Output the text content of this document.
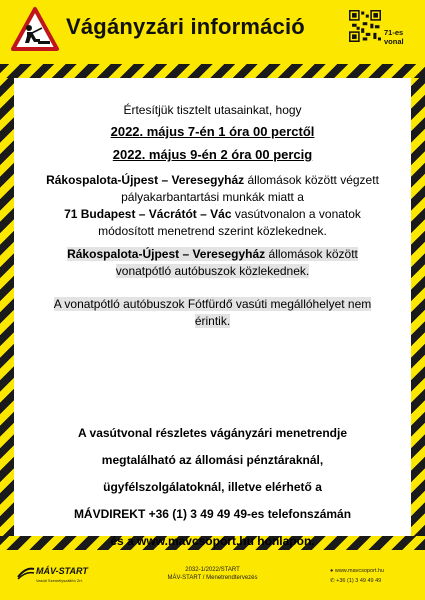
Vágányzári információ	71-es
vonal
Értesítjük tisztelt utasainkat, hogy
2022. május 7-én 1 óra 00 perctől
2022. május 9-én 2 óra 00 percig
Rákospalota-Újpest – Veresegyház állomások között végzett
pályakarbantartási munkák miatt a
71 Budapest – Vácrátót – Vác vasútvonalon a vonatok
módosított menetrend szerint közlekednek.
Rákospalota-Újpest – Veresegyház állomások között
vonatpótló autóbuszok közlekednek.
A vonatpótló autóbuszok Fótfürdő vasúti megállóhelyet nem
érintik.
A vasútvonal részletes vágányzári menetrendje
megtalálható az állomási pénztáraknál,
ügyfélszolgálatoknál, illetve elérhető a
MÁVDIREKT +36 (1) 3 49 49 49-es telefonszámán
és a www.mavcsoport.hu honlapon.
MÁV-START
Vasúti Személyszállító Zrt.
2032-1/2022/START
MÁV-START / Menetrendtervezés
● www.mavcsoport.hu
✆ +36 (1) 3 49 49 49
